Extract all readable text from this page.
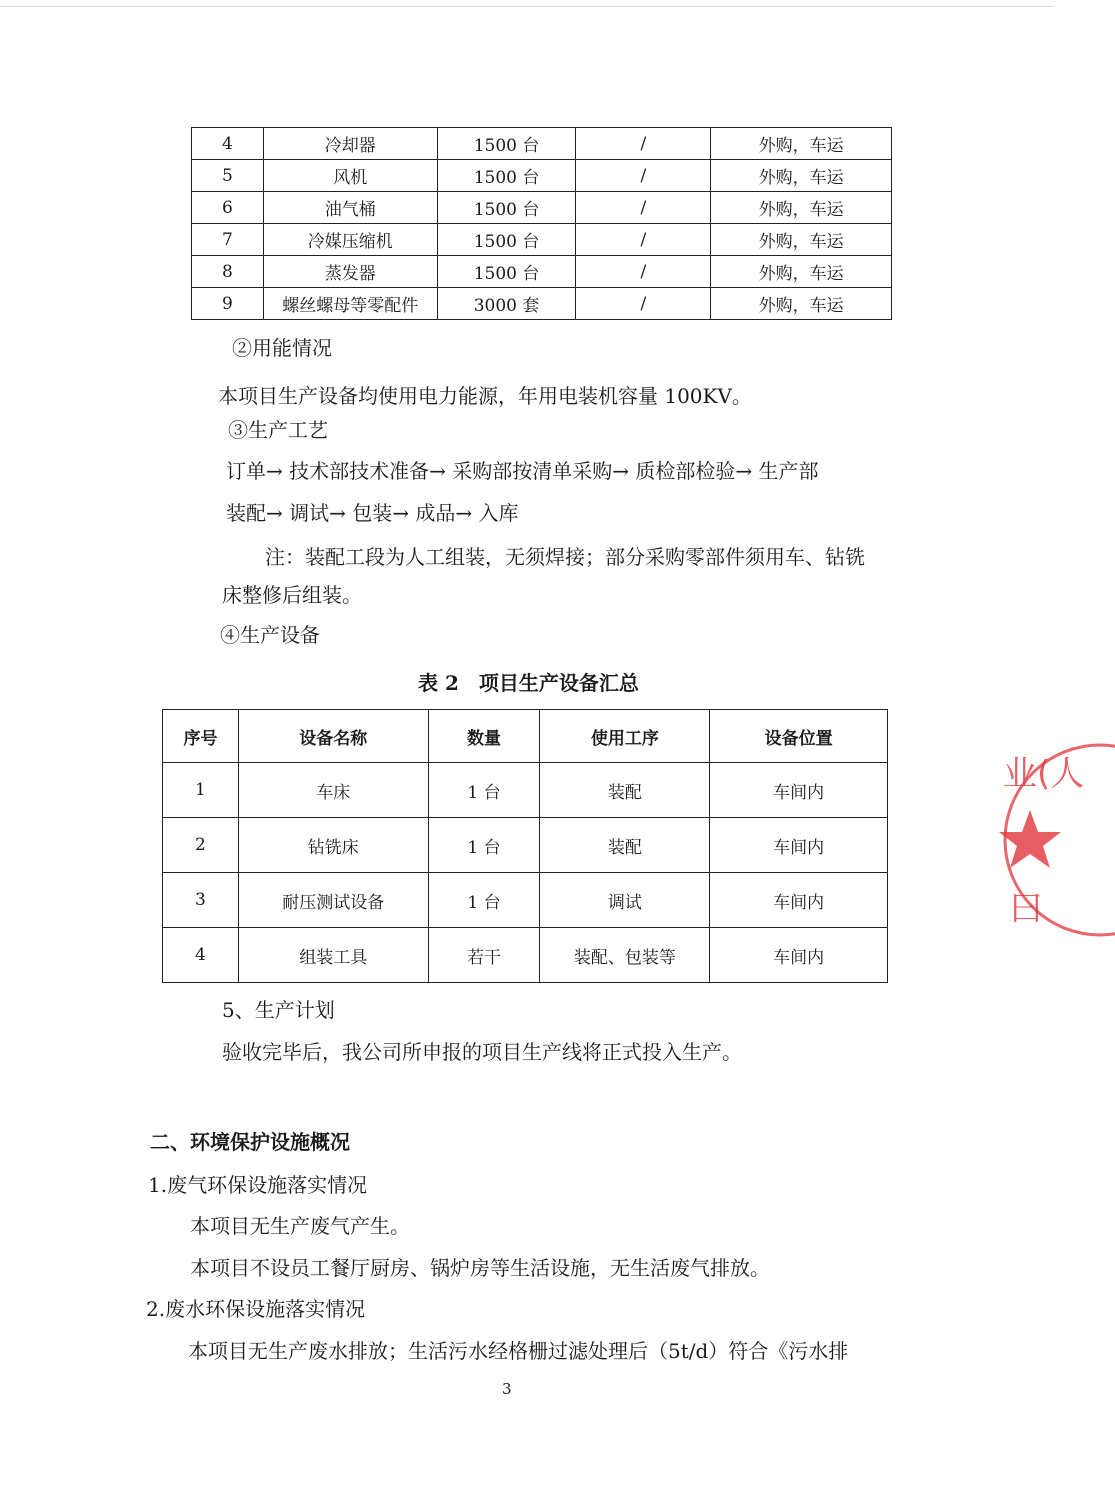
4	冷却器	1500 台	/	外购，车运
5	风机	1500 台	/	外购，车运
6	油气桶	1500 台	/	外购，车运
7	冷媒压缩机	1500 台	/	外购，车运
8	蒸发器	1500 台	/	外购，车运
9	螺丝螺母等零配件	3000 套	/	外购，车运
②用能情况
本项目生产设备均使用电力能源，年用电装机容量 100KV。
③生产工艺
订单→ 技术部技术准备→ 采购部按清单采购→ 质检部检验→ 生产部
装配→ 调试→ 包装→ 成品→ 入库
注：装配工段为人工组装，无须焊接；部分采购零部件须用车、钻铣
床整修后组装。
④生产设备
表 2　项目生产设备汇总
序号	设备名称	数量	使用工序	设备位置
1	车床	1 台	装配	车间内
2	钻铣床	1 台	装配	车间内
3	耐压测试设备	1 台	调试	车间内
4	组装工具	若干	装配、包装等	车间内
5、生产计划
验收完毕后，我公司所申报的项目生产线将正式投入生产。
二、环境保护设施概况
1.废气环保设施落实情况
本项目无生产废气产生。
本项目不设员工餐厅厨房、锅炉房等生活设施，无生活废气排放。
2.废水环保设施落实情况
本项目无生产废水排放；生活污水经格栅过滤处理后（5t/d）符合《污水排
3
业(人
曰
